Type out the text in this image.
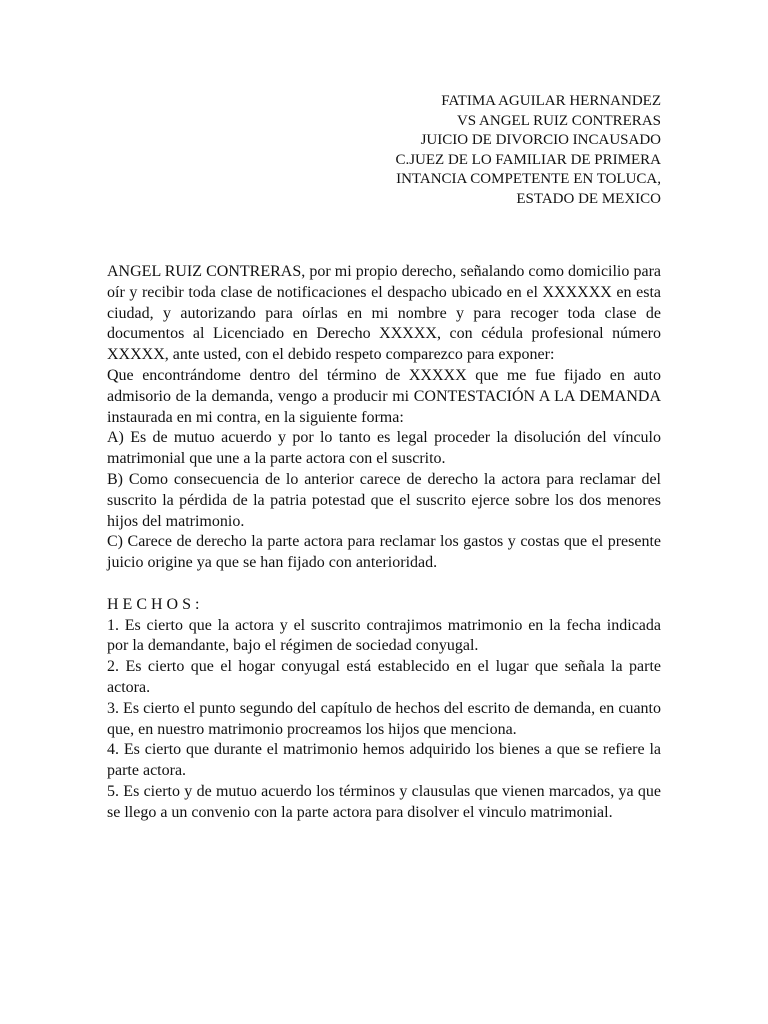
FATIMA AGUILAR HERNANDEZ
VS ANGEL RUIZ CONTRERAS
JUICIO DE DIVORCIO INCAUSADO
C.JUEZ DE LO FAMILIAR DE PRIMERA
INTANCIA COMPETENTE EN TOLUCA,
ESTADO DE MEXICO

ANGEL RUIZ CONTRERAS, por mi propio derecho, señalando como domicilio para oír y recibir toda clase de notificaciones el despacho ubicado en el XXXXXX en esta ciudad, y autorizando para oírlas en mi nombre y para recoger toda clase de documentos al Licenciado en Derecho XXXXX, con cédula profesional número XXXXX, ante usted, con el debido respeto comparezco para exponer:

Que encontrándome dentro del término de XXXXX que me fue fijado en auto admisorio de la demanda, vengo a producir mi CONTESTACIÓN A LA DEMANDA instaurada en mi contra, en la siguiente forma:

A) Es de mutuo acuerdo y por lo tanto es legal proceder la disolución del vínculo matrimonial que une a la parte actora con el suscrito.

B) Como consecuencia de lo anterior carece de derecho la actora para reclamar del suscrito la pérdida de la patria potestad que el suscrito ejerce sobre los dos menores hijos del matrimonio.

C) Carece de derecho la parte actora para reclamar los gastos y costas que el presente juicio origine ya que se han fijado con anterioridad.

HECHOS:

1. Es cierto que la actora y el suscrito contrajimos matrimonio en la fecha indicada por la demandante, bajo el régimen de sociedad conyugal.

2. Es cierto que el hogar conyugal está establecido en el lugar que señala la parte actora.

3. Es cierto el punto segundo del capítulo de hechos del escrito de demanda, en cuanto que, en nuestro matrimonio procreamos los hijos que menciona.

4. Es cierto que durante el matrimonio hemos adquirido los bienes a que se refiere la parte actora.

5. Es cierto y de mutuo acuerdo los términos y clausulas que vienen marcados, ya que se llego a un convenio con la parte actora para disolver el vinculo matrimonial.
